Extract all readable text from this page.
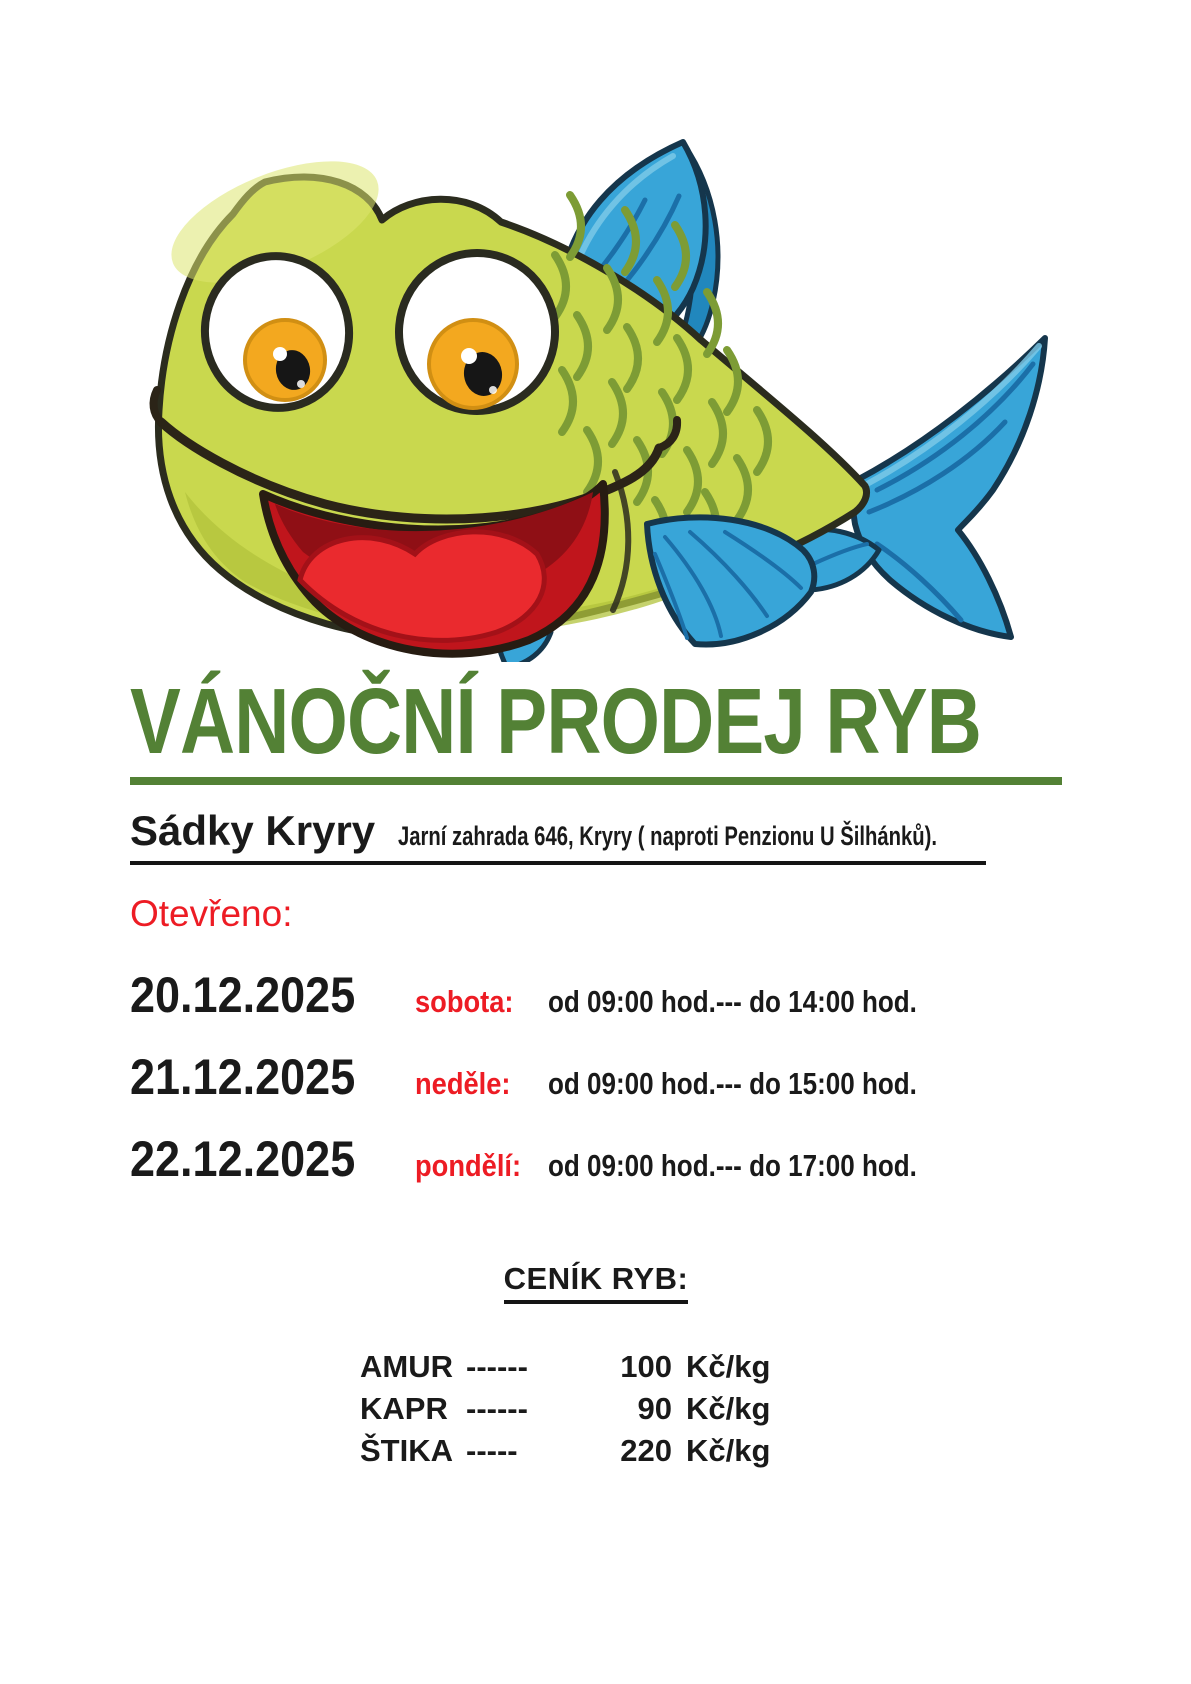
VÁNOČNÍ PRODEJ RYB
Sádky Kryry Jarní zahrada 646, Kryry ( naproti Penzionu U Šilhánků).
Otevřeno:
20.12.2025	sobota:	od 09:00 hod.--- do 14:00 hod.
21.12.2025	neděle:	od 09:00 hod.--- do 15:00 hod.
22.12.2025	pondělí: od 09:00 hod.--- do 17:00 hod.
CENÍK RYB:
AMUR ------	100 Kč/kg
KAPR ------	90 Kč/kg
ŠTIKA -----	220 Kč/kg
